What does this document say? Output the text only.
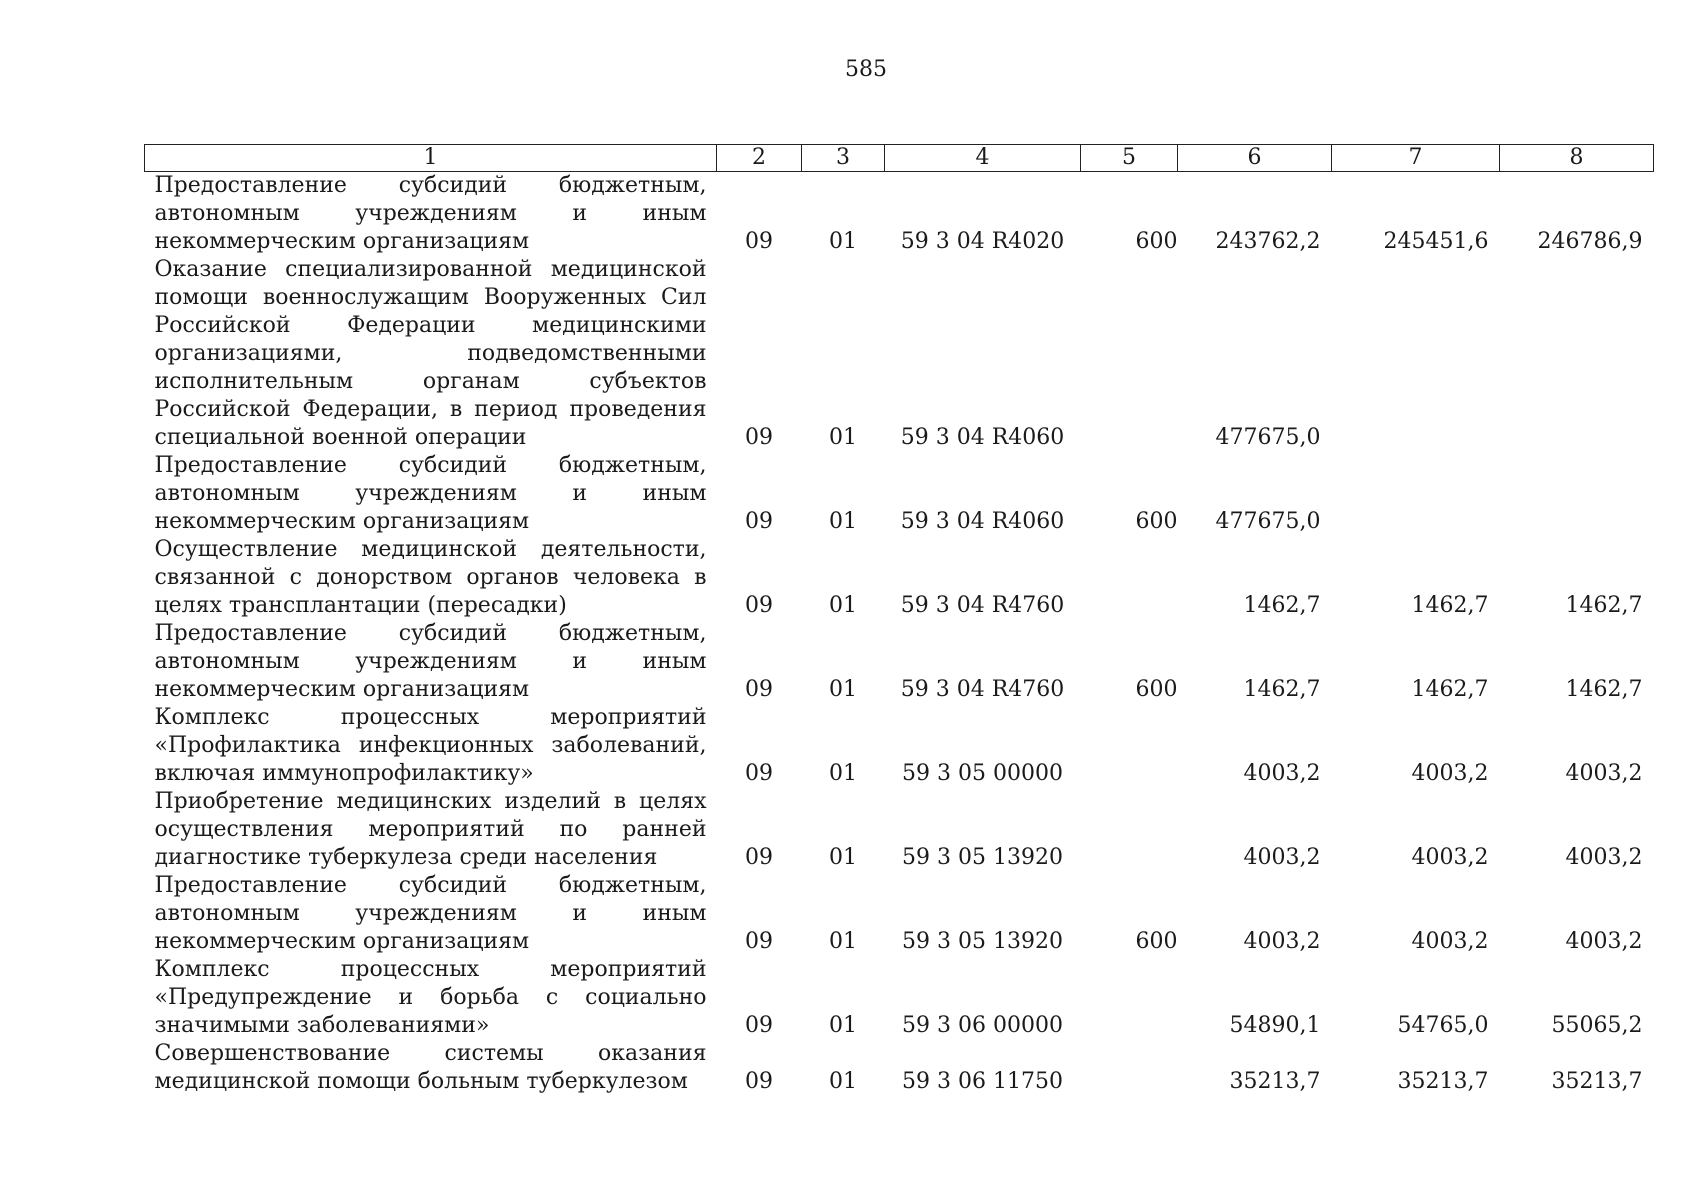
585
1	2	3	4	5	6	7	8
Предоставление субсидий бюджетным, автономным учреждениям и иным некоммерческим организациям	09	01	59 3 04 R4020	600	243762,2	245451,6	246786,9
Оказание специализированной медицинской помощи военнослужащим Вооруженных Сил Российской Федерации медицинскими организациями, подведомственными исполнительным органам субъектов Российской Федерации, в период проведения специальной военной операции	09	01	59 3 04 R4060		477675,0		
Предоставление субсидий бюджетным, автономным учреждениям и иным некоммерческим организациям	09	01	59 3 04 R4060	600	477675,0		
Осуществление медицинской деятельности, связанной с донорством органов человека в целях трансплантации (пересадки)	09	01	59 3 04 R4760		1462,7	1462,7	1462,7
Предоставление субсидий бюджетным, автономным учреждениям и иным некоммерческим организациям	09	01	59 3 04 R4760	600	1462,7	1462,7	1462,7
Комплекс процессных мероприятий «Профилактика инфекционных заболеваний, включая иммунопрофилактику»	09	01	59 3 05 00000		4003,2	4003,2	4003,2
Приобретение медицинских изделий в целях осуществления мероприятий по ранней диагностике туберкулеза среди населения	09	01	59 3 05 13920		4003,2	4003,2	4003,2
Предоставление субсидий бюджетным, автономным учреждениям и иным некоммерческим организациям	09	01	59 3 05 13920	600	4003,2	4003,2	4003,2
Комплекс процессных мероприятий «Предупреждение и борьба с социально значимыми заболеваниями»	09	01	59 3 06 00000		54890,1	54765,0	55065,2
Совершенствование системы оказания медицинской помощи больным туберкулезом	09	01	59 3 06 11750		35213,7	35213,7	35213,7
